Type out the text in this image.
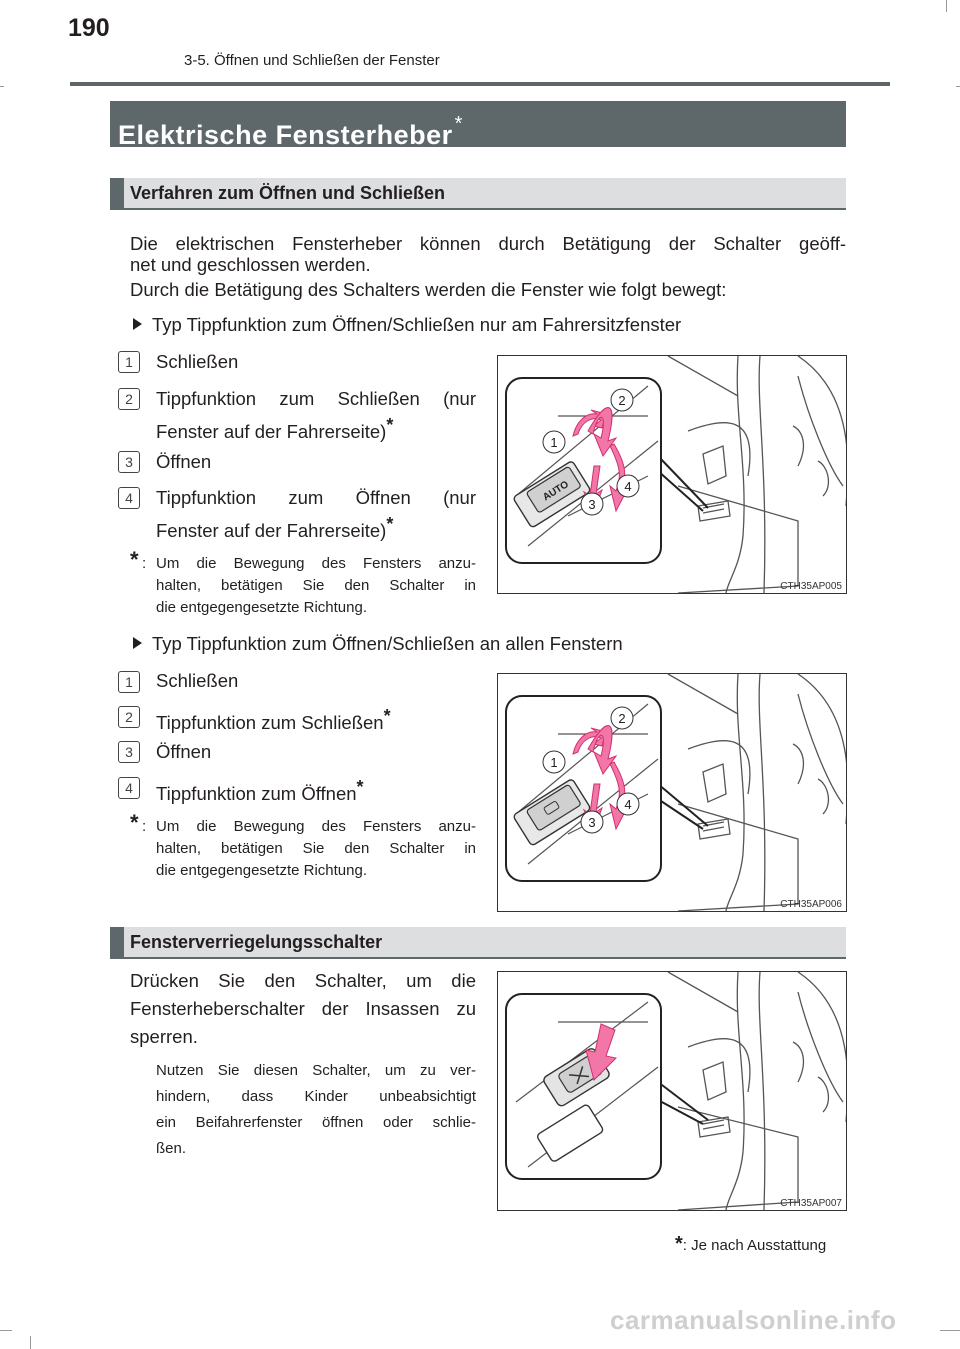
190
3-5. Öffnen und Schließen der Fenster
Elektrische Fensterheber *
Verfahren zum Öffnen und Schließen
Die elektrischen Fensterheber können durch Betätigung der Schalter geöff-
net und geschlossen werden.
Durch die Betätigung des Schalters werden die Fenster wie folgt bewegt:
Typ Tippfunktion zum Öffnen/Schließen nur am Fahrersitzfenster
1	Schließen
2	Tippfunktion zum Schließen (nur
Fenster auf der Fahrerseite)*
3	Öffnen
4	Tippfunktion zum Öffnen (nur
Fenster auf der Fahrerseite)*
* : Um die Bewegung des Fensters anzu-
halten, betätigen Sie den Schalter in
die entgegengesetzte Richtung.
AUTO
1
2
3
4
CTH35AP005
Typ Tippfunktion zum Öffnen/Schließen an allen Fenstern
1	Schließen
2	Tippfunktion zum Schließen*
3	Öffnen
4	Tippfunktion zum Öffnen*
* : Um die Bewegung des Fensters anzu-
halten, betätigen Sie den Schalter in
die entgegengesetzte Richtung.
1
2
3
4
CTH35AP006
Fensterverriegelungsschalter
Drücken Sie den Schalter, um die
Fensterheberschalter der Insassen zu
sperren.
Nutzen Sie diesen Schalter, um zu ver-
hindern, dass Kinder unbeabsichtigt
ein Beifahrerfenster öffnen oder schlie-
ßen.
CTH35AP007
*: Je nach Ausstattung
carmanualsonline.info
